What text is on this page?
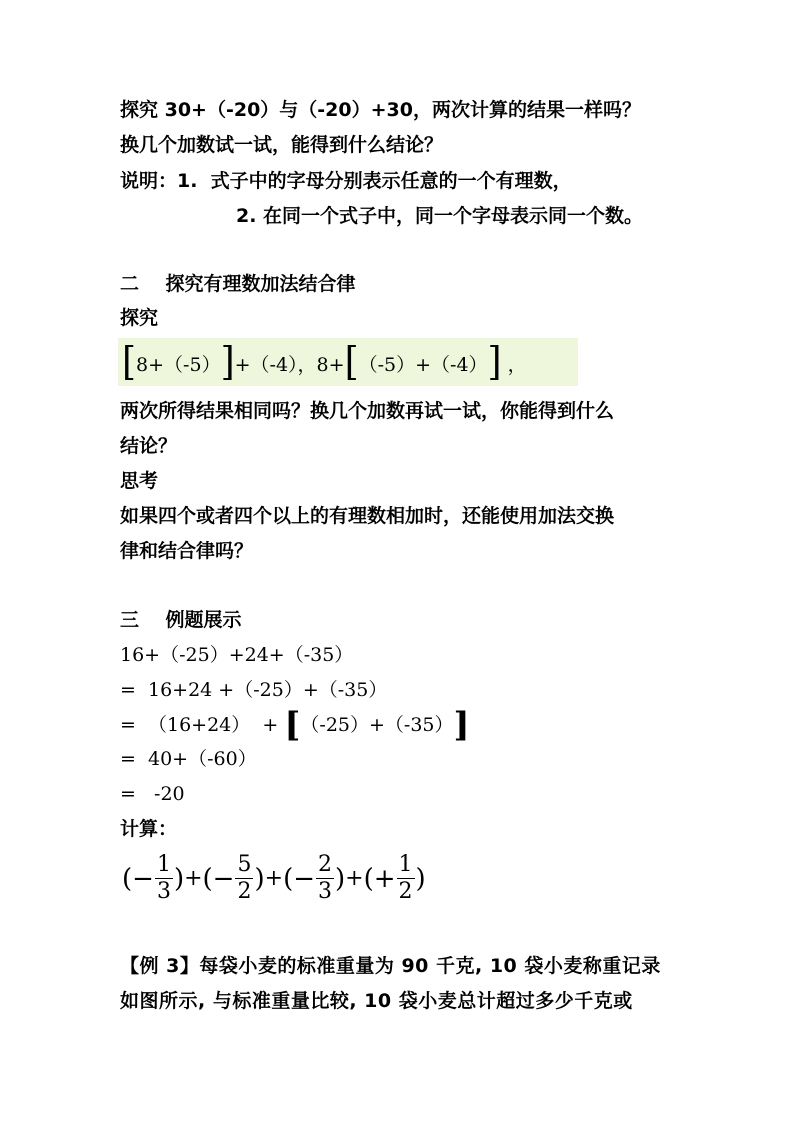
探究 30+（-20）与（-20）+30，两次计算的结果一样吗？
换几个加数试一试，能得到什么结论？
说明：1.  式子中的字母分别表示任意的一个有理数，
2. 在同一个式子中，同一个字母表示同一个数。
二    探究有理数加法结合律
探究
[ 8+（-5） ] +（-4），8+ [ （-5）+（-4） ] ，
两次所得结果相同吗？换几个加数再试一试，你能得到什么
结论？
思考
如果四个或者四个以上的有理数相加时，还能使用加法交换
律和结合律吗？
三    例题展示
16+（-25）+24+（-35）
=  16+24 +（-25）+（-35）
=  （16+24）  + [ （-25）+（-35） ]
=  40+（-60）
=   -20
计算：
(− $\frac{1}{3}$ ) + (− $\frac{5}{2}$ ) + (− $\frac{2}{3}$ ) + (+ $\frac{1}{2}$ )
【例 3】每袋小麦的标准重量为 90 千克, 10 袋小麦称重记录
如图所示, 与标准重量比较, 10 袋小麦总计超过多少千克或
